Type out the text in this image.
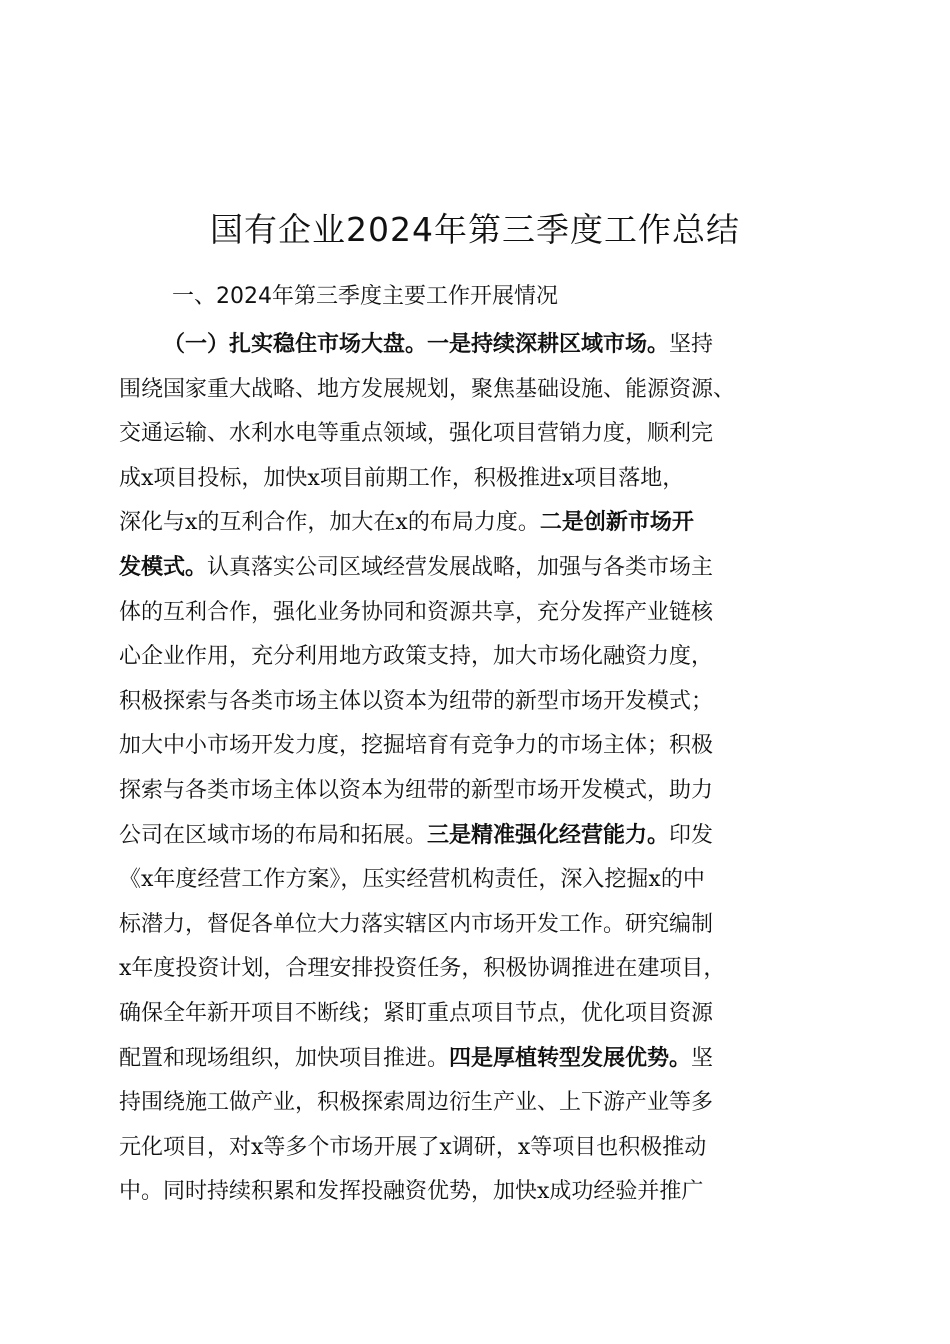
国有企业2024年第三季度工作总结
一、2024年第三季度主要工作开展情况
（一）扎实稳住市场大盘。一是持续深耕区域市场。坚持
围绕国家重大战略、地方发展规划，聚焦基础设施、能源资源、
交通运输、水利水电等重点领域，强化项目营销力度，顺利完
成x项目投标，加快x项目前期工作，积极推进x项目落地，
深化与x的互利合作，加大在x的布局力度。二是创新市场开
发模式。认真落实公司区域经营发展战略，加强与各类市场主
体的互利合作，强化业务协同和资源共享，充分发挥产业链核
心企业作用，充分利用地方政策支持，加大市场化融资力度，
积极探索与各类市场主体以资本为纽带的新型市场开发模式；
加大中小市场开发力度，挖掘培育有竞争力的市场主体；积极
探索与各类市场主体以资本为纽带的新型市场开发模式，助力
公司在区域市场的布局和拓展。三是精准强化经营能力。印发
《x年度经营工作方案》，压实经营机构责任，深入挖掘x的中
标潜力，督促各单位大力落实辖区内市场开发工作。研究编制
x年度投资计划，合理安排投资任务，积极协调推进在建项目，
确保全年新开项目不断线；紧盯重点项目节点，优化项目资源
配置和现场组织，加快项目推进。四是厚植转型发展优势。坚
持围绕施工做产业，积极探索周边衍生产业、上下游产业等多
元化项目，对x等多个市场开展了x调研，x等项目也积极推动
中。同时持续积累和发挥投融资优势，加快x成功经验并推广
